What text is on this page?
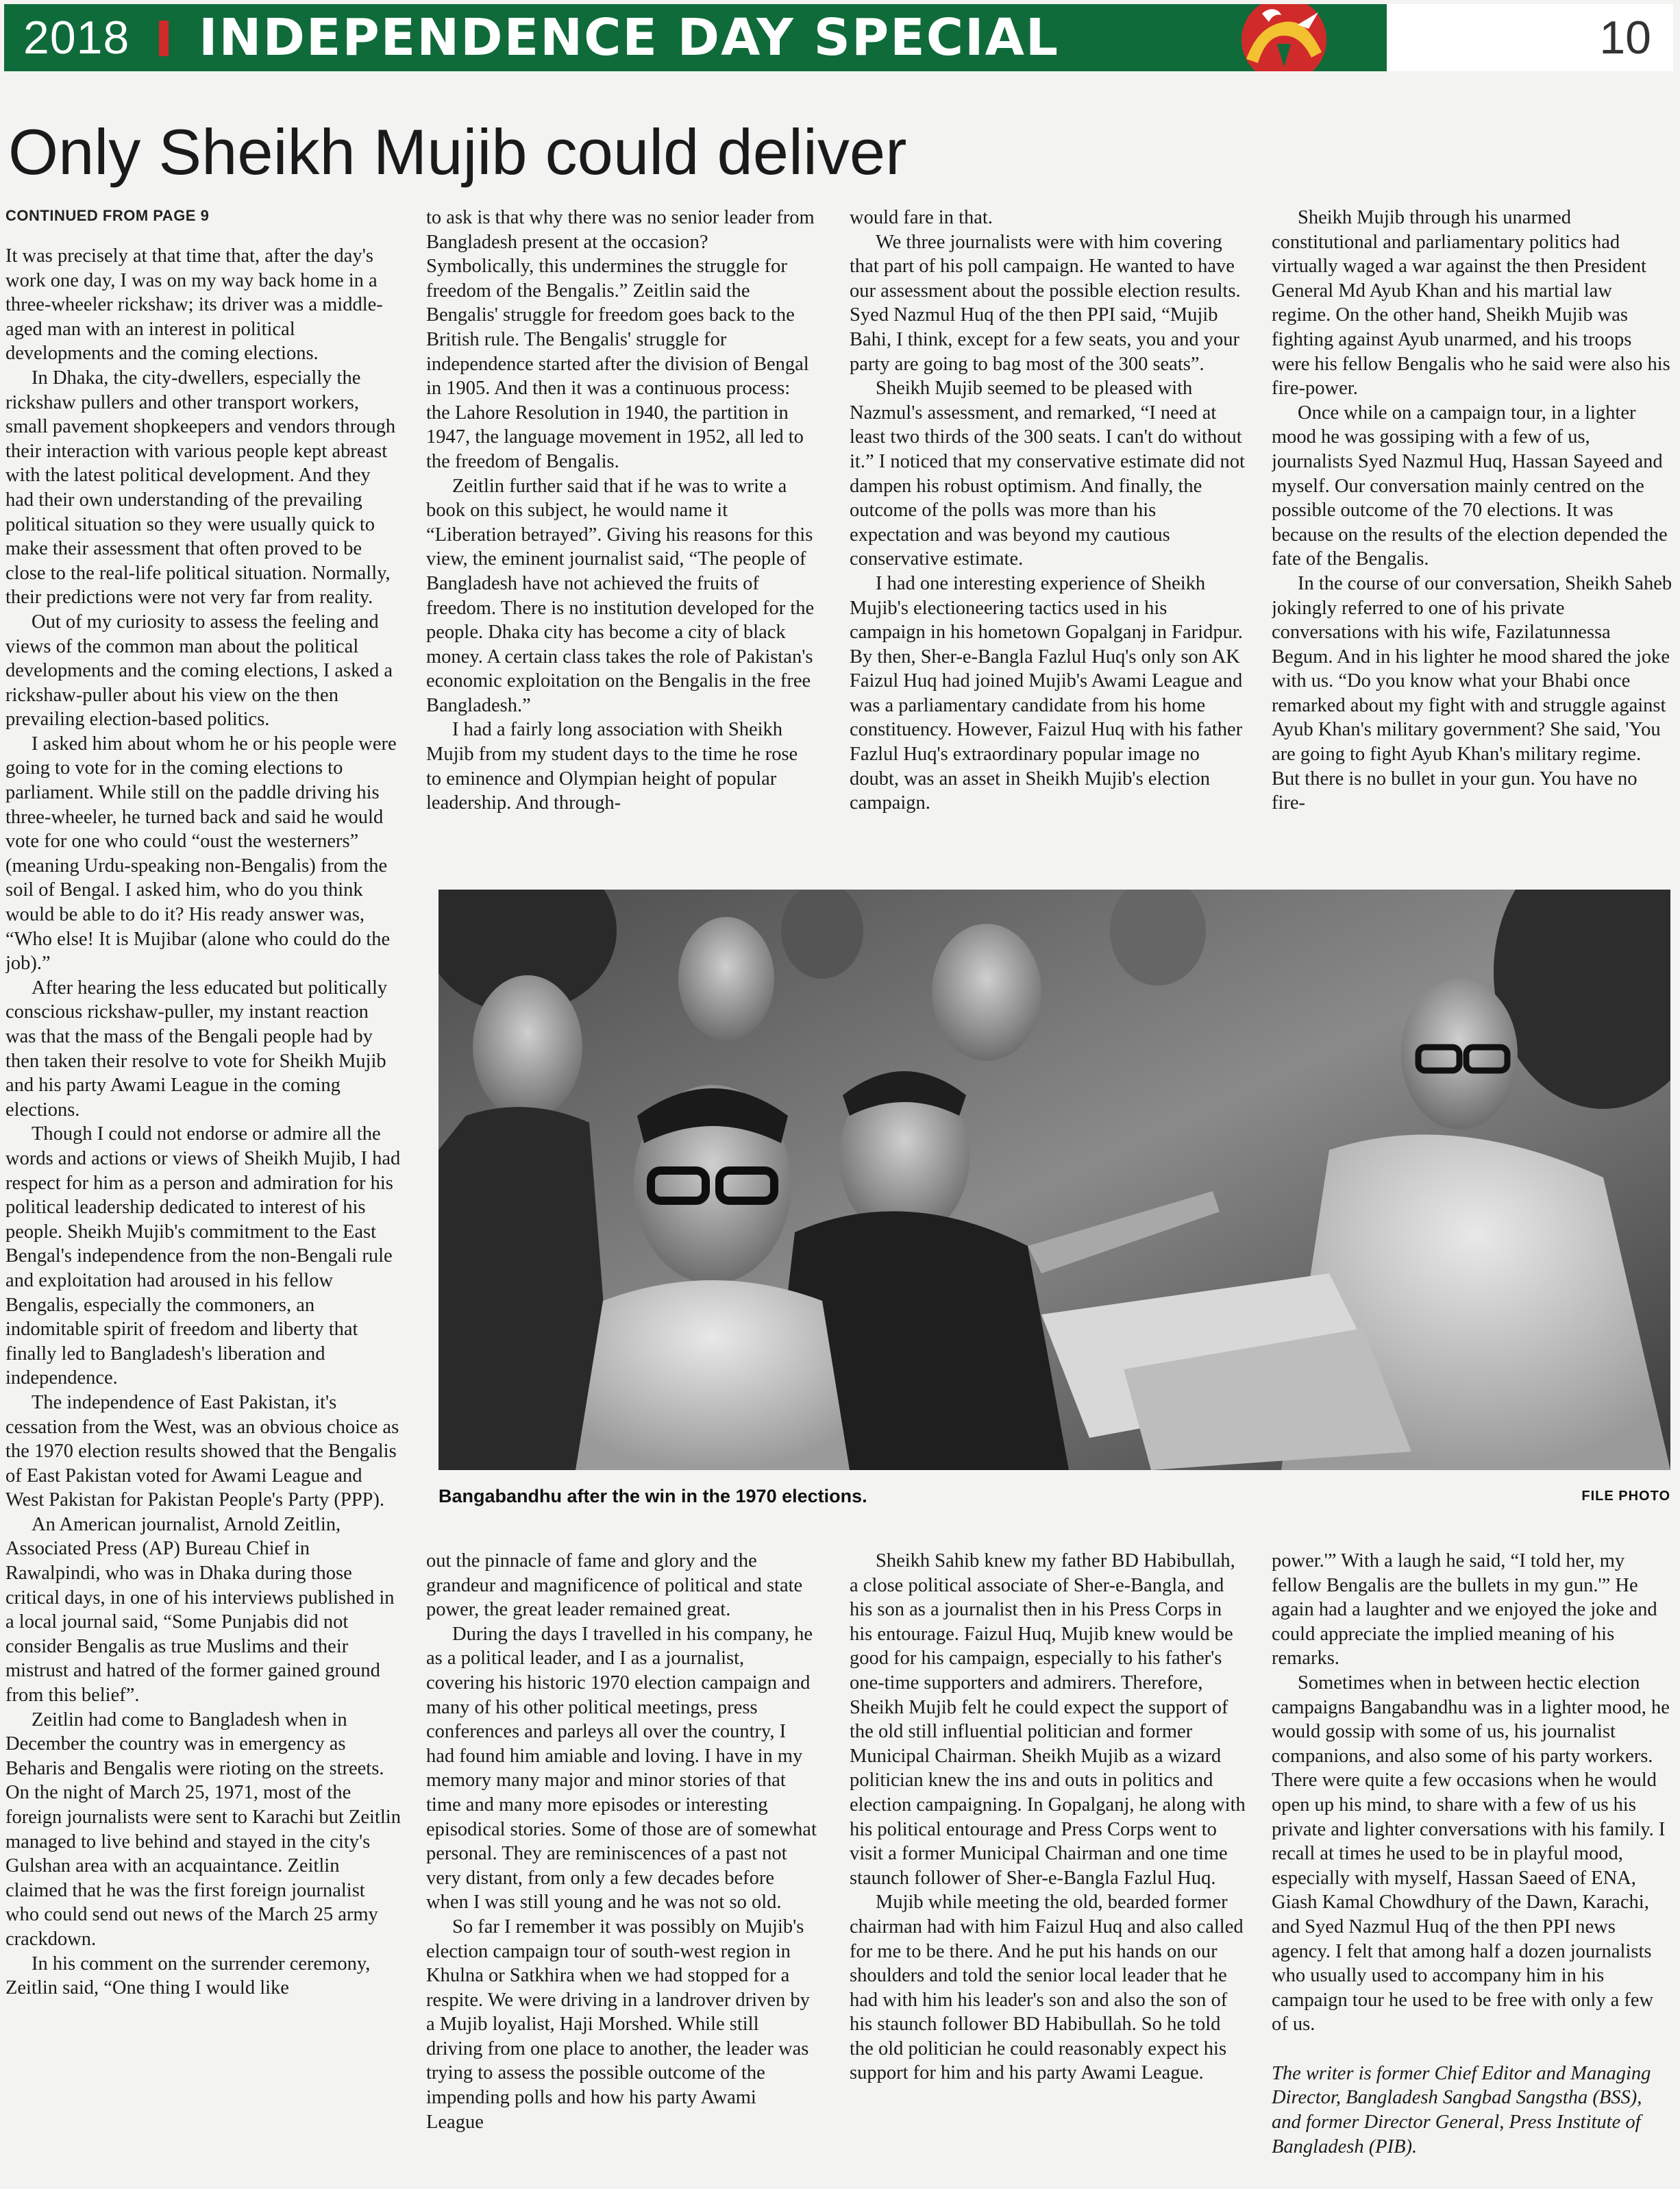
2018 INDEPENDENCE DAY SPECIAL	10
Only Sheikh Mujib could deliver
CONTINUED FROM PAGE 9

It was precisely at that time that, after the day's work one day, I was on my way back home in a three-wheeler rickshaw; its driver was a middle-aged man with an interest in political developments and the coming elections.

In Dhaka, the city-dwellers, especially the rickshaw pullers and other transport workers, small pavement shopkeepers and vendors through their interaction with various people kept abreast with the latest political development. And they had their own understanding of the prevailing political situation so they were usually quick to make their assessment that often proved to be close to the real-life political situation. Normally, their predictions were not very far from reality.

Out of my curiosity to assess the feeling and views of the common man about the political developments and the coming elections, I asked a rickshaw-puller about his view on the then prevailing election-based politics.

I asked him about whom he or his people were going to vote for in the coming elections to parliament. While still on the paddle driving his three-wheeler, he turned back and said he would vote for one who could “oust the westerners” (meaning Urdu-speaking non-Bengalis) from the soil of Bengal. I asked him, who do you think would be able to do it? His ready answer was, “Who else! It is Mujibar (alone who could do the job).”

After hearing the less educated but politically conscious rickshaw-puller, my instant reaction was that the mass of the Bengali people had by then taken their resolve to vote for Sheikh Mujib and his party Awami League in the coming elections.

Though I could not endorse or admire all the words and actions or views of Sheikh Mujib, I had respect for him as a person and admiration for his political leadership dedicated to interest of his people. Sheikh Mujib's commitment to the East Bengal's independence from the non-Bengali rule and exploitation had aroused in his fellow Bengalis, especially the commoners, an indomitable spirit of freedom and liberty that finally led to Bangladesh's liberation and independence.

The independence of East Pakistan, it's cessation from the West, was an obvious choice as the 1970 election results showed that the Bengalis of East Pakistan voted for Awami League and West Pakistan for Pakistan People's Party (PPP).

An American journalist, Arnold Zeitlin, Associated Press (AP) Bureau Chief in Rawalpindi, who was in Dhaka during those critical days, in one of his interviews published in a local journal said, “Some Punjabis did not consider Bengalis as true Muslims and their mistrust and hatred of the former gained ground from this belief”.

Zeitlin had come to Bangladesh when in December the country was in emergency as Beharis and Bengalis were rioting on the streets. On the night of March 25, 1971, most of the foreign journalists were sent to Karachi but Zeitlin managed to live behind and stayed in the city's Gulshan area with an acquaintance. Zeitlin claimed that he was the first foreign journalist who could send out news of the March 25 army crackdown.

In his comment on the surrender ceremony, Zeitlin said, “One thing I would like

to ask is that why there was no senior leader from Bangladesh present at the occasion? Symbolically, this undermines the struggle for freedom of the Bengalis.” Zeitlin said the Bengalis' struggle for freedom goes back to the British rule. The Bengalis' struggle for independence started after the division of Bengal in 1905. And then it was a continuous process: the Lahore Resolution in 1940, the partition in 1947, the language movement in 1952, all led to the freedom of Bengalis.

Zeitlin further said that if he was to write a book on this subject, he would name it “Liberation betrayed”. Giving his reasons for this view, the eminent journalist said, “The people of Bangladesh have not achieved the fruits of freedom. There is no institution developed for the people. Dhaka city has become a city of black money. A certain class takes the role of Pakistan's economic exploitation on the Bengalis in the free Bangladesh.”

I had a fairly long association with Sheikh Mujib from my student days to the time he rose to eminence and Olympian height of popular leadership. And through-

would fare in that.

We three journalists were with him covering that part of his poll campaign. He wanted to have our assessment about the possible election results. Syed Nazmul Huq of the then PPI said, “Mujib Bahi, I think, except for a few seats, you and your party are going to bag most of the 300 seats”.

Sheikh Mujib seemed to be pleased with Nazmul's assessment, and remarked, “I need at least two thirds of the 300 seats. I can't do without it.” I noticed that my conservative estimate did not dampen his robust optimism. And finally, the outcome of the polls was more than his expectation and was beyond my cautious conservative estimate.

I had one interesting experience of Sheikh Mujib's electioneering tactics used in his campaign in his hometown Gopalganj in Faridpur. By then, Sher-e-Bangla Fazlul Huq's only son AK Faizul Huq had joined Mujib's Awami League and was a parliamentary candidate from his home constituency. However, Faizul Huq with his father Fazlul Huq's extraordinary popular image no doubt, was an asset in Sheikh Mujib's election campaign.

Sheikh Mujib through his unarmed constitutional and parliamentary politics had virtually waged a war against the then President General Md Ayub Khan and his martial law regime. On the other hand, Sheikh Mujib was fighting against Ayub unarmed, and his troops were his fellow Bengalis who he said were also his fire-power.

Once while on a campaign tour, in a lighter mood he was gossiping with a few of us, journalists Syed Nazmul Huq, Hassan Sayeed and myself. Our conversation mainly centred on the possible outcome of the 70 elections. It was because on the results of the election depended the fate of the Bengalis.

In the course of our conversation, Sheikh Saheb jokingly referred to one of his private conversations with his wife, Fazilatunnessa Begum. And in his lighter he mood shared the joke with us. “Do you know what your Bhabi once remarked about my fight with and struggle against Ayub Khan's military government? She said, 'You are going to fight Ayub Khan's military regime. But there is no bullet in your gun. You have no fire-

Bangabandhu after the win in the 1970 elections.	FILE PHOTO

out the pinnacle of fame and glory and the grandeur and magnificence of political and state power, the great leader remained great.

During the days I travelled in his company, he as a political leader, and I as a journalist, covering his historic 1970 election campaign and many of his other political meetings, press conferences and parleys all over the country, I had found him amiable and loving. I have in my memory many major and minor stories of that time and many more episodes or interesting episodical stories. Some of those are of somewhat personal. They are reminiscences of a past not very distant, from only a few decades before when I was still young and he was not so old.

So far I remember it was possibly on Mujib's election campaign tour of south-west region in Khulna or Satkhira when we had stopped for a respite. We were driving in a landrover driven by a Mujib loyalist, Haji Morshed. While still driving from one place to another, the leader was trying to assess the possible outcome of the impending polls and how his party Awami League

Sheikh Sahib knew my father BD Habibullah, a close political associate of Sher-e-Bangla, and his son as a journalist then in his Press Corps in his entourage. Faizul Huq, Mujib knew would be good for his campaign, especially to his father's one-time supporters and admirers. Therefore, Sheikh Mujib felt he could expect the support of the old still influential politician and former Municipal Chairman. Sheikh Mujib as a wizard politician knew the ins and outs in politics and election campaigning. In Gopalganj, he along with his political entourage and Press Corps went to visit a former Municipal Chairman and one time staunch follower of Sher-e-Bangla Fazlul Huq.

Mujib while meeting the old, bearded former chairman had with him Faizul Huq and also called for me to be there. And he put his hands on our shoulders and told the senior local leader that he had with him his leader's son and also the son of his staunch follower BD Habibullah. So he told the old politician he could reasonably expect his support for him and his party Awami League.

power.'” With a laugh he said, “I told her, my fellow Bengalis are the bullets in my gun.'” He again had a laughter and we enjoyed the joke and could appreciate the implied meaning of his remarks.

Sometimes when in between hectic election campaigns Bangabandhu was in a lighter mood, he would gossip with some of us, his journalist companions, and also some of his party workers. There were quite a few occasions when he would open up his mind, to share with a few of us his private and lighter conversations with his family. I recall at times he used to be in playful mood, especially with myself, Hassan Saeed of ENA, Giash Kamal Chowdhury of the Dawn, Karachi, and Syed Nazmul Huq of the then PPI news agency. I felt that among half a dozen journalists who usually used to accompany him in his campaign tour he used to be free with only a few of us.

The writer is former Chief Editor and Managing Director, Bangladesh Sangbad Sangstha (BSS), and former Director General, Press Institute of Bangladesh (PIB).
